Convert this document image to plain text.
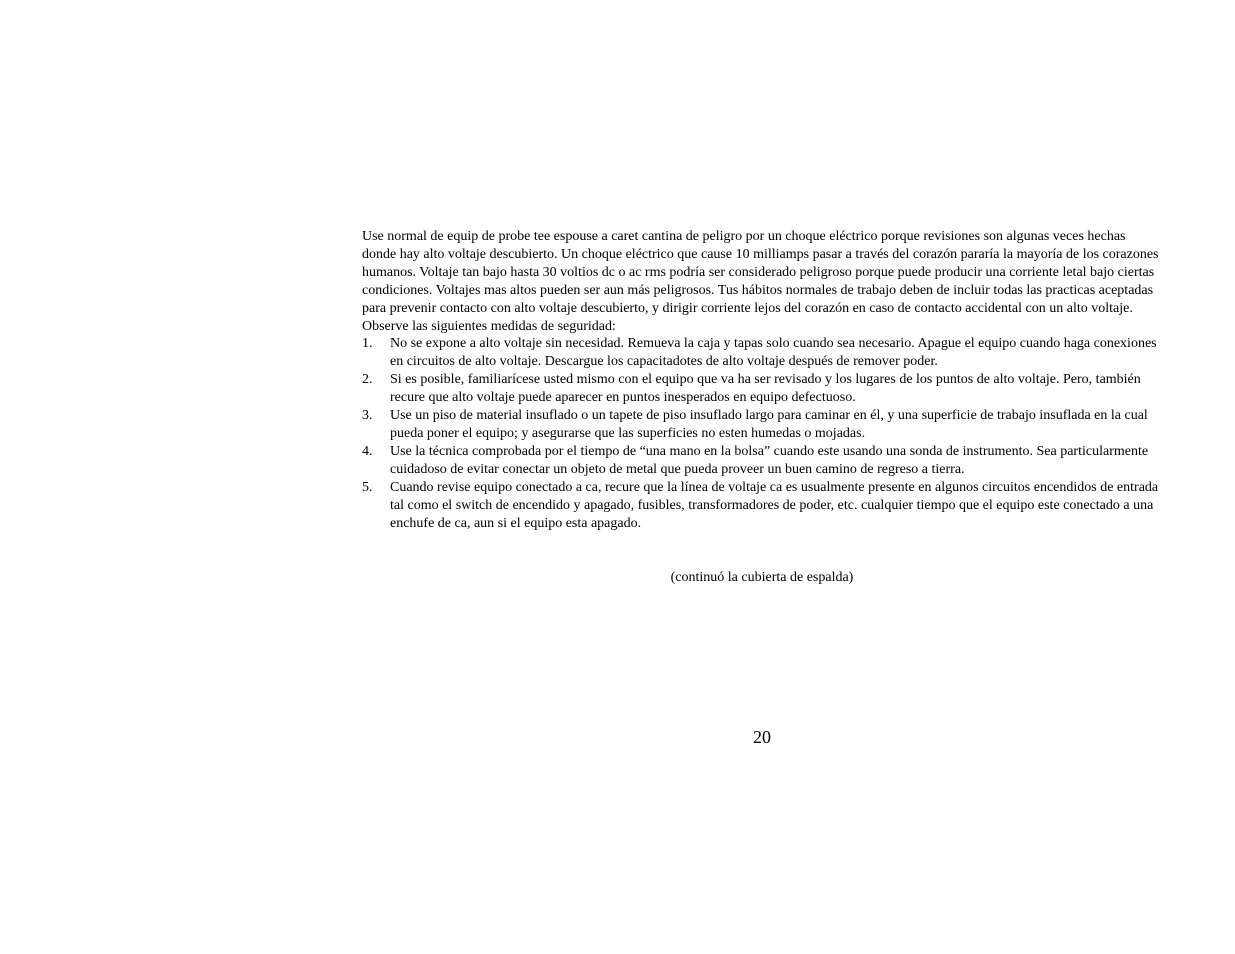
Use normal de equip de probe tee espouse a caret cantina de peligro por un choque eléctrico porque revisiones son algunas veces hechas donde hay alto voltaje descubierto. Un choque eléctrico que cause 10 milliamps pasar a través del corazón pararía la mayoría de los corazones humanos. Voltaje tan bajo hasta 30 voltios dc o ac rms podría ser considerado peligroso porque puede producir una corriente letal bajo ciertas condiciones. Voltajes mas altos pueden ser aun más peligrosos. Tus hábitos normales de trabajo deben de incluir todas las practicas aceptadas para prevenir contacto con alto voltaje descubierto, y dirigir corriente lejos del corazón en caso de contacto accidental con un alto voltaje. Observe las siguientes medidas de seguridad:

1.	No se expone a alto voltaje sin necesidad. Remueva la caja y tapas solo cuando sea necesario. Apague el equipo cuando haga conexiones en circuitos de alto voltaje. Descargue los capacitadotes de alto voltaje después de remover poder.
2.	Si es posible, familiarícese usted mismo con el equipo que va ha ser revisado y los lugares de los puntos de alto voltaje. Pero, también recure que alto voltaje puede aparecer en puntos inesperados en equipo defectuoso.
3.	Use un piso de material insuflado o un tapete de piso insuflado largo para caminar en él, y una superficie de trabajo insuflada en la cual pueda poner el equipo; y asegurarse que las superficies no esten humedas o mojadas.
4.	Use la técnica comprobada por el tiempo de “una mano en la bolsa” cuando este usando una sonda de instrumento. Sea particularmente cuidadoso de evitar conectar un objeto de metal que pueda proveer un buen camino de regreso a tierra.
5.	Cuando revise equipo conectado a ca, recure que la línea de voltaje ca es usualmente presente en algunos circuitos encendidos de entrada tal como el switch de encendido y apagado, fusibles, transformadores de poder, etc. cualquier tiempo que el equipo este conectado a una enchufe de ca, aun si el equipo esta apagado.
(continuó la cubierta de espalda)
20
